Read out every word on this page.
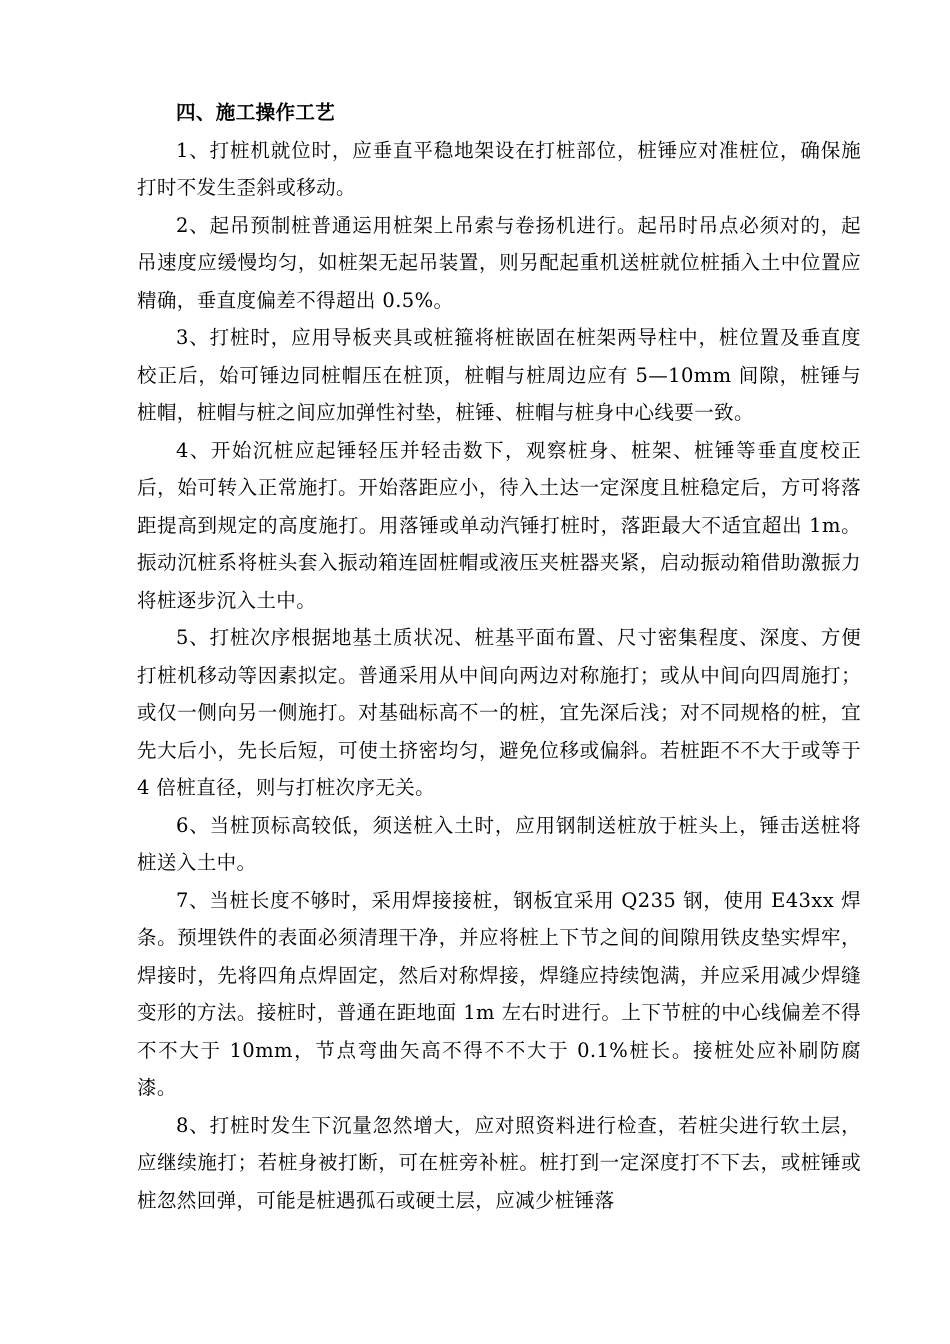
四、施工操作工艺

1、打桩机就位时，应垂直平稳地架设在打桩部位，桩锤应对准桩位，确保施打时不发生歪斜或移动。

2、起吊预制桩普通运用桩架上吊索与卷扬机进行。起吊时吊点必须对的，起吊速度应缓慢均匀，如桩架无起吊装置，则另配起重机送桩就位桩插入土中位置应精确，垂直度偏差不得超出 0.5%。

3、打桩时，应用导板夹具或桩箍将桩嵌固在桩架两导柱中，桩位置及垂直度校正后，始可锤边同桩帽压在桩顶，桩帽与桩周边应有 5—10mm 间隙，桩锤与桩帽，桩帽与桩之间应加弹性衬垫，桩锤、桩帽与桩身中心线要一致。

4、开始沉桩应起锤轻压并轻击数下，观察桩身、桩架、桩锤等垂直度校正后，始可转入正常施打。开始落距应小，待入土达一定深度且桩稳定后，方可将落距提高到规定的高度施打。用落锤或单动汽锤打桩时，落距最大不适宜超出 1m。振动沉桩系将桩头套入振动箱连固桩帽或液压夹桩器夹紧，启动振动箱借助激振力将桩逐步沉入土中。

5、打桩次序根据地基土质状况、桩基平面布置、尺寸密集程度、深度、方便打桩机移动等因素拟定。普通采用从中间向两边对称施打；或从中间向四周施打；或仅一侧向另一侧施打。对基础标高不一的桩，宜先深后浅；对不同规格的桩，宜先大后小，先长后短，可使土挤密均匀，避免位移或偏斜。若桩距不不大于或等于 4 倍桩直径，则与打桩次序无关。

6、当桩顶标高较低，须送桩入土时，应用钢制送桩放于桩头上，锤击送桩将桩送入土中。

7、当桩长度不够时，采用焊接接桩，钢板宜采用 Q235 钢，使用 E43xx 焊条。预埋铁件的表面必须清理干净，并应将桩上下节之间的间隙用铁皮垫实焊牢，焊接时，先将四角点焊固定，然后对称焊接，焊缝应持续饱满，并应采用减少焊缝变形的方法。接桩时，普通在距地面 1m 左右时进行。上下节桩的中心线偏差不得不不大于 10mm，节点弯曲矢高不得不不大于 0.1%桩长。接桩处应补刷防腐漆。

8、打桩时发生下沉量忽然增大，应对照资料进行检查，若桩尖进行软土层，应继续施打；若桩身被打断，可在桩旁补桩。桩打到一定深度打不下去，或桩锤或桩忽然回弹，可能是桩遇孤石或硬土层，应减少桩锤落
